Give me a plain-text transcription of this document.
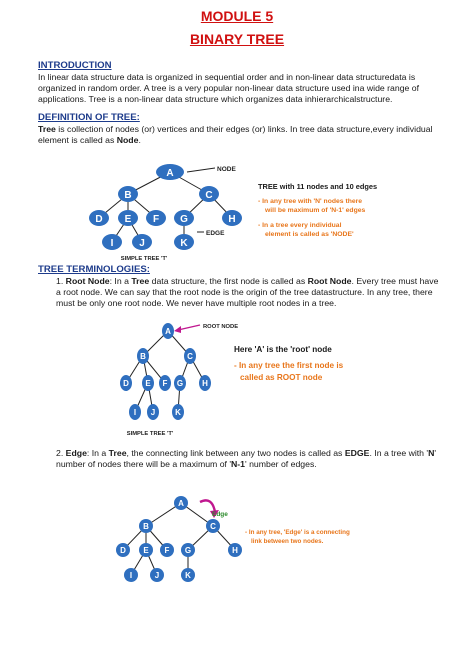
MODULE 5
BINARY TREE
INTRODUCTION
In linear data structure data is organized in sequential order and in non-linear data structuredata is organized in random order. A tree is a very popular non-linear data structure used ina wide range of applications. Tree is a non-linear data structure which organizes data inhierarchicalstructure.
DEFINITION OF TREE:
Tree is collection of nodes (or) vertices and their edges (or) links. In tree data structure,every individual element is called as Node.
A
B	C
D E F G	H
I	J	K
NODE
EDGE
SIMPLE TREE 'T'
TREE with 11 nodes and 10 edges
- In any tree with 'N' nodes there
will be maximum of 'N-1' edges
- In a tree every individual
element is called as 'NODE'
TREE TERMINOLOGIES:
1. Root Node: In a Tree data structure, the first node is called as Root Node. Every tree must have a root node. We can say that the root node is the origin of the tree datastructure. In any tree, there must be only one root node. We never have multiple root nodes in a tree.
A
B	C
D E F G H
I J K
ROOT NODE
SIMPLE TREE 'T'
Here 'A' is the 'root' node
- In any tree the first node is
called as ROOT node
2. Edge: In a Tree, the connecting link between any two nodes is called as EDGE. In a tree with 'N' number of nodes there will be a maximum of 'N-1' number of edges.
A
B	C
D E F G	H
I	J	K
Edge
- In any tree, 'Edge' is a connecting
link between two nodes.
